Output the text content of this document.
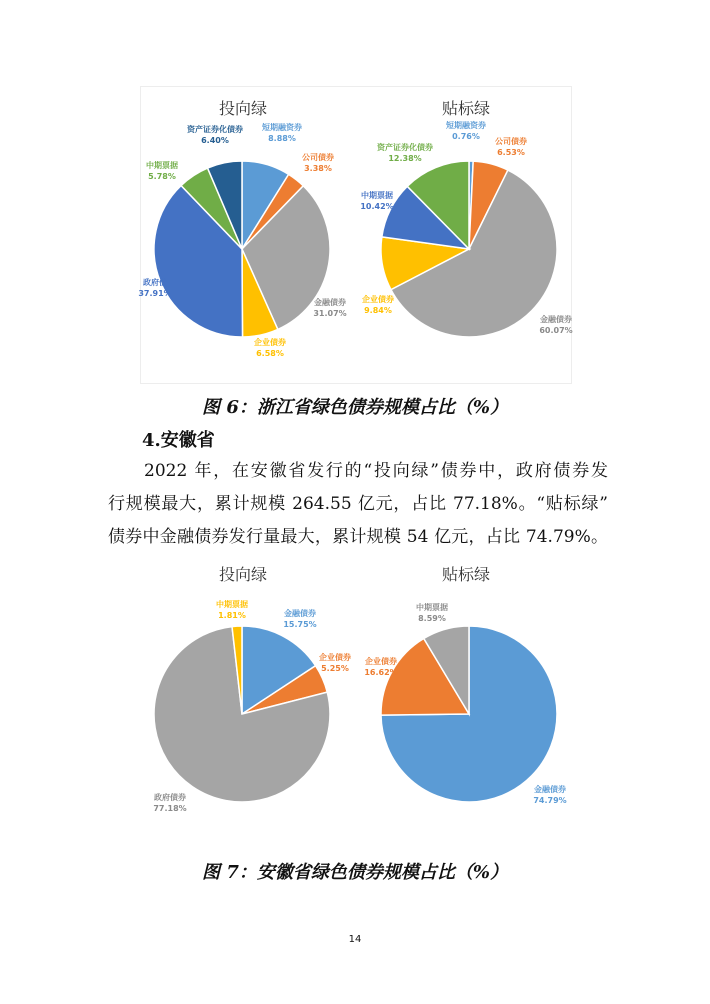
投向绿	贴标绿
短期融资券 8.88%
公司债券 3.38%
金融债券 31.07%
企业债券 6.58%
政府债 37.91%
中期票据 5.78%
资产证券化债券 6.40%
短期融资券 0.76%
公司债券 6.53%
金融债券 60.07%
企业债券 9.84%
中期票据 10.42%
资产证券化债券 12.38%
图 6：浙江省绿色债券规模占比（%）
4.安徽省
2022 年，在安徽省发行的“投向绿”债券中，政府债券发
行规模最大，累计规模 264.55 亿元，占比 77.18%。“贴标绿”
债券中金融债券发行量最大，累计规模 54 亿元，占比 74.79%。
投向绿	贴标绿
金融债券 15.75%
企业债券 5.25%
政府债券 77.18%
中期票据 1.81%
金融债券 74.79%
企业债券 16.62%
中期票据 8.59%
图 7：安徽省绿色债券规模占比（%）
14
